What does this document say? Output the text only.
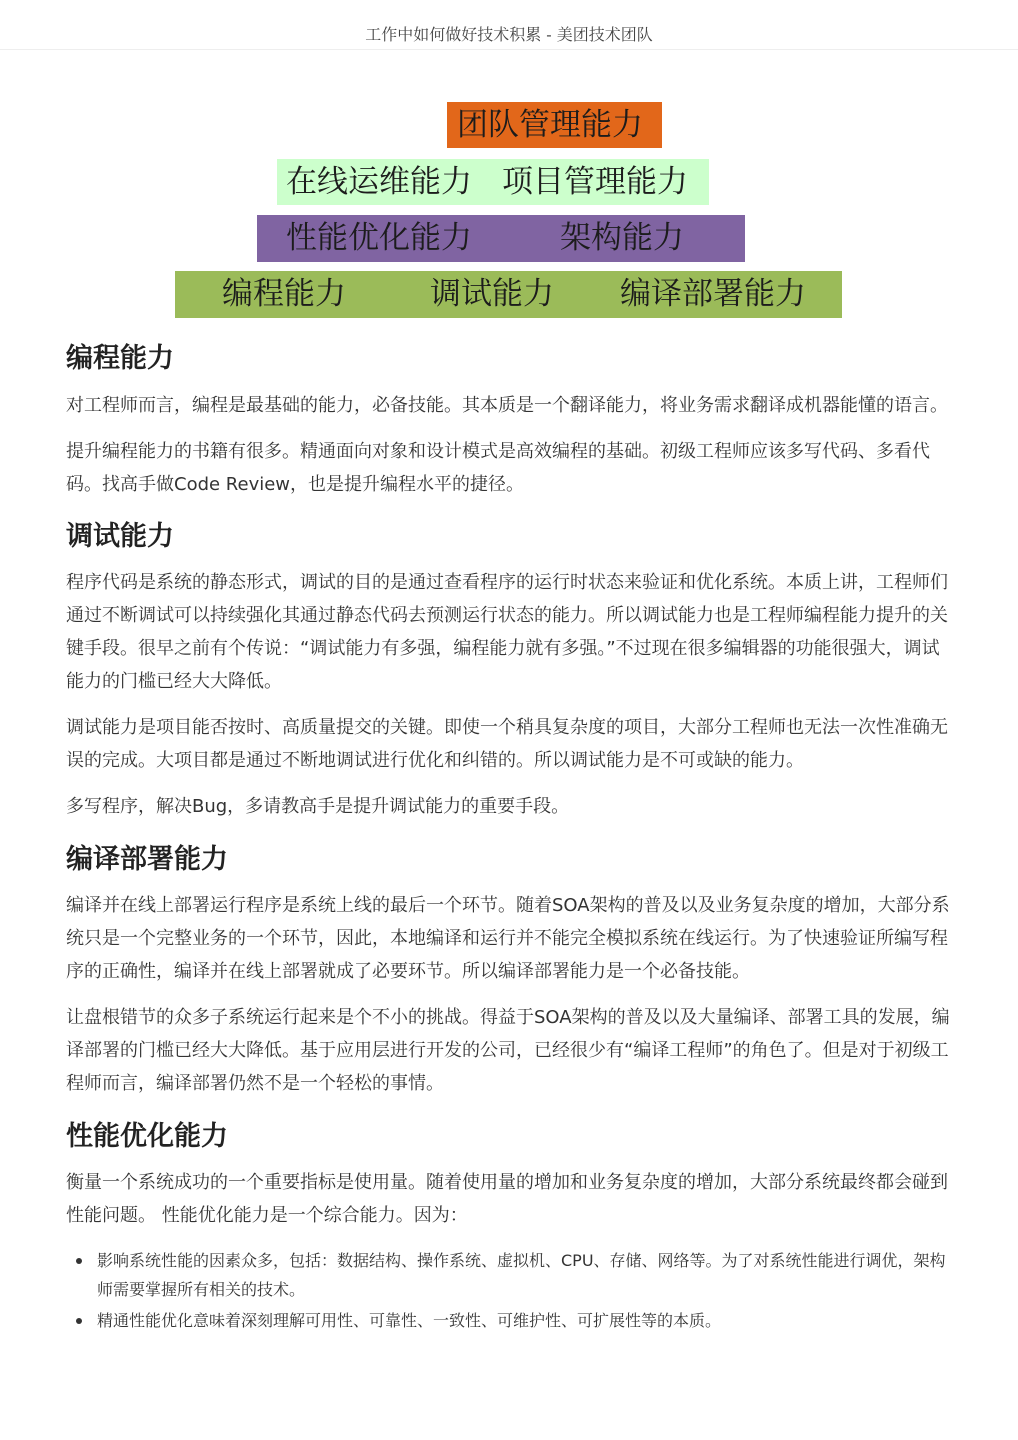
工作中如何做好技术积累 - 美团技术团队
团队管理能力
在线运维能力 项目管理能力
性能优化能力	架构能力
编程能力	调试能力 编译部署能力
编程能力

对工程师而言，编程是最基础的能力，必备技能。其本质是一个翻译能力，将业务需求翻译成机器能懂的语言。

提升编程能力的书籍有很多。精通面向对象和设计模式是高效编程的基础。初级工程师应该多写代码、多看代码。找高手做Code Review，也是提升编程水平的捷径。

调试能力

程序代码是系统的静态形式，调试的目的是通过查看程序的运行时状态来验证和优化系统。本质上讲，工程师们通过不断调试可以持续强化其通过静态代码去预测运行状态的能力。所以调试能力也是工程师编程能力提升的关键手段。很早之前有个传说：“调试能力有多强，编程能力就有多强。”不过现在很多编辑器的功能很强大，调试能力的门槛已经大大降低。

调试能力是项目能否按时、高质量提交的关键。即使一个稍具复杂度的项目，大部分工程师也无法一次性准确无误的完成。大项目都是通过不断地调试进行优化和纠错的。所以调试能力是不可或缺的能力。

多写程序，解决Bug，多请教高手是提升调试能力的重要手段。

编译部署能力

编译并在线上部署运行程序是系统上线的最后一个环节。随着SOA架构的普及以及业务复杂度的增加，大部分系统只是一个完整业务的一个环节，因此，本地编译和运行并不能完全模拟系统在线运行。为了快速验证所编写程序的正确性，编译并在线上部署就成了必要环节。所以编译部署能力是一个必备技能。

让盘根错节的众多子系统运行起来是个不小的挑战。得益于SOA架构的普及以及大量编译、部署工具的发展，编译部署的门槛已经大大降低。基于应用层进行开发的公司，已经很少有“编译工程师”的角色了。但是对于初级工程师而言，编译部署仍然不是一个轻松的事情。

性能优化能力

衡量一个系统成功的一个重要指标是使用量。随着使用量的增加和业务复杂度的增加，大部分系统最终都会碰到性能问题。 性能优化能力是一个综合能力。因为：

影响系统性能的因素众多，包括：数据结构、操作系统、虚拟机、CPU、存储、网络等。为了对系统性能进行调优，架构师需要掌握所有相关的技术。
精通性能优化意味着深刻理解可用性、可靠性、一致性、可维护性、可扩展性等的本质。
